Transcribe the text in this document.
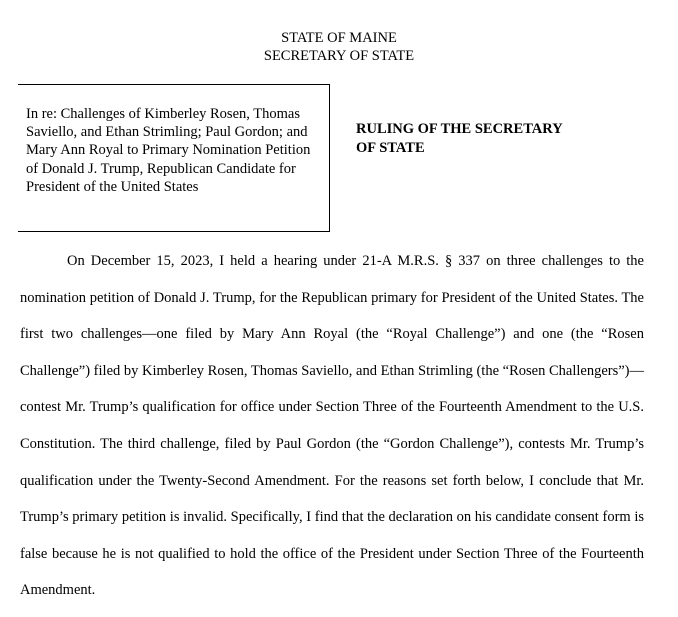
STATE OF MAINE
SECRETARY OF STATE
In re: Challenges of Kimberley Rosen, Thomas Saviello, and Ethan Strimling; Paul Gordon; and Mary Ann Royal to Primary Nomination Petition of Donald J. Trump, Republican Candidate for President of the United States
RULING OF THE SECRETARY
OF STATE

On December 15, 2023, I held a hearing under 21-A M.R.S. § 337 on three challenges to the nomination petition of Donald J. Trump, for the Republican primary for President of the United States. The first two challenges—one filed by Mary Ann Royal (the “Royal Challenge”) and one (the “Rosen Challenge”) filed by Kimberley Rosen, Thomas Saviello, and Ethan Strimling (the “Rosen Challengers”)—contest Mr. Trump’s qualification for office under Section Three of the Fourteenth Amendment to the U.S. Constitution. The third challenge, filed by Paul Gordon (the “Gordon Challenge”), contests Mr. Trump’s qualification under the Twenty-Second Amendment. For the reasons set forth below, I conclude that Mr. Trump’s primary petition is invalid. Specifically, I find that the declaration on his candidate consent form is false because he is not qualified to hold the office of the President under Section Three of the Fourteenth Amendment.
